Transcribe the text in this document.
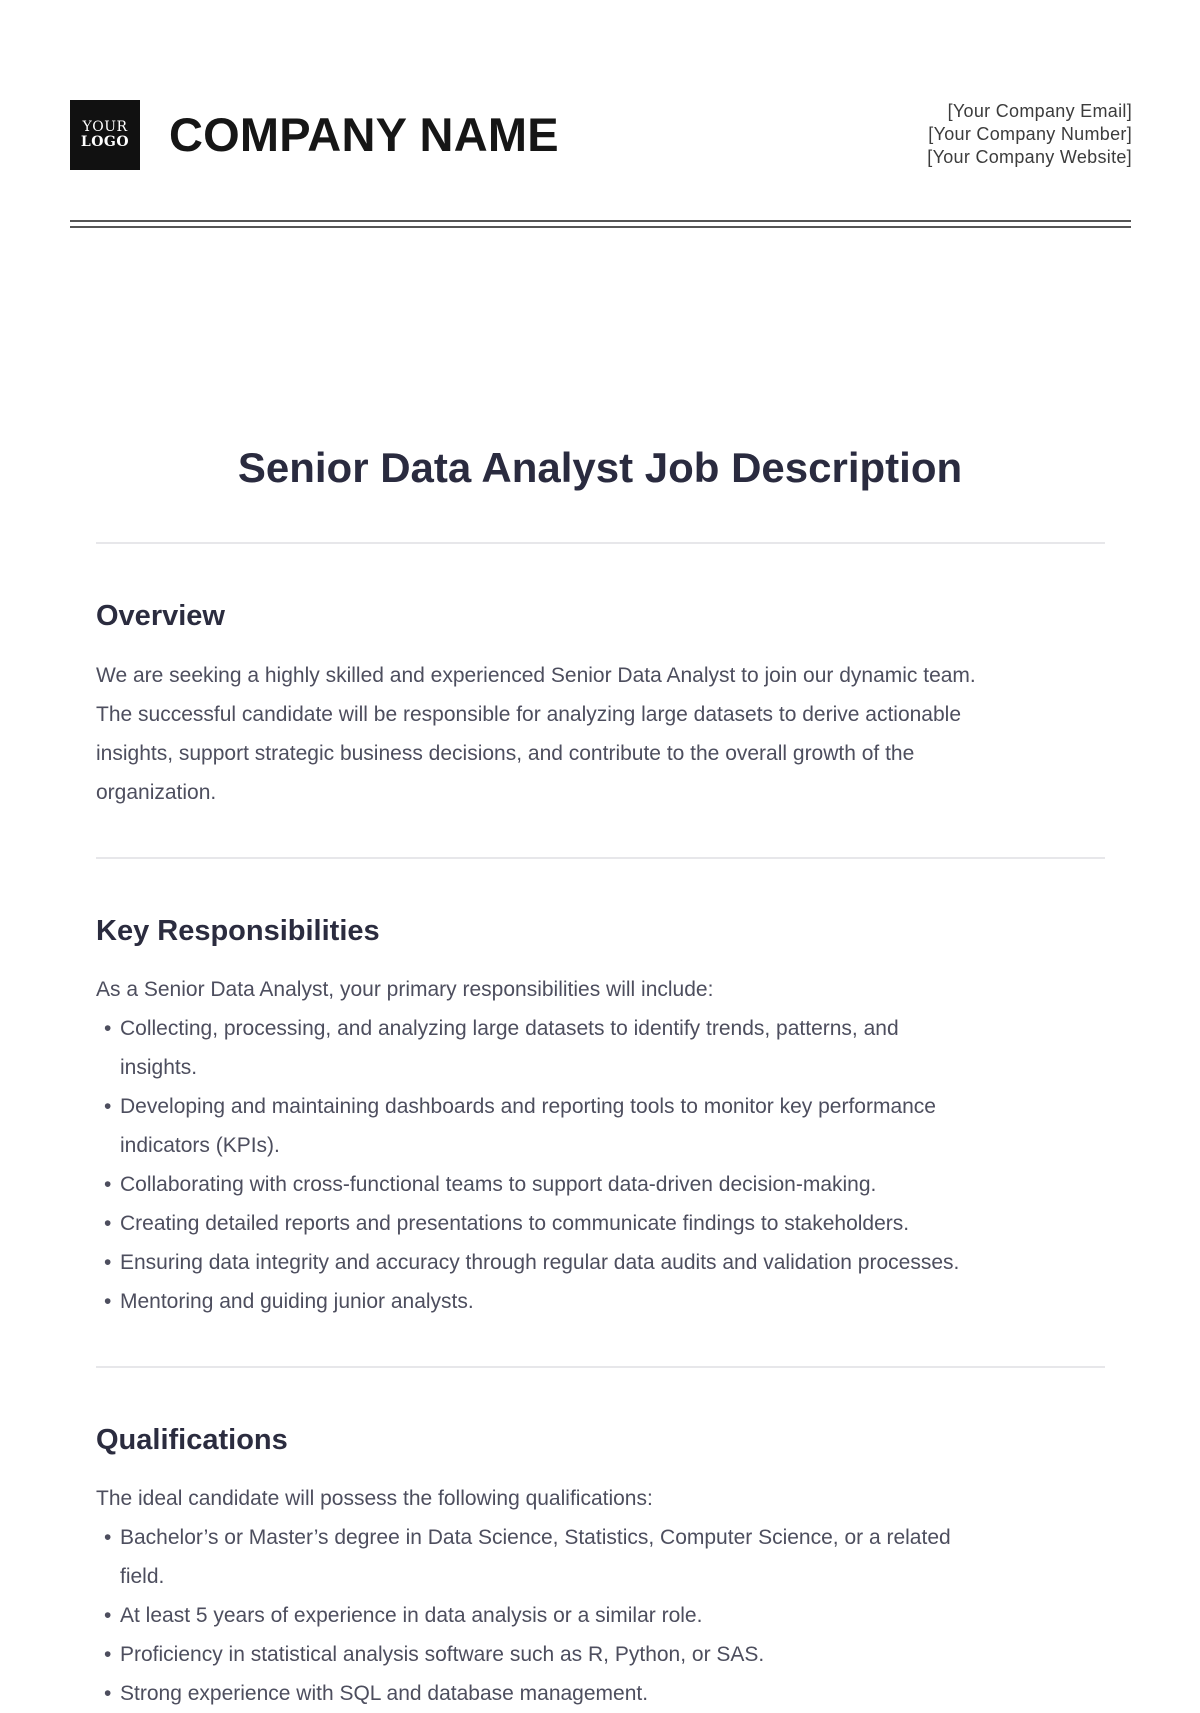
YOUR
LOGO COMPANY NAME	[Your Company Email]
[Your Company Number]
[Your Company Website]
Senior Data Analyst Job Description
Overview
We are seeking a highly skilled and experienced Senior Data Analyst to join our dynamic team.
The successful candidate will be responsible for analyzing large datasets to derive actionable
insights, support strategic business decisions, and contribute to the overall growth of the
organization.
Key Responsibilities

As a Senior Data Analyst, your primary responsibilities will include:

• Collecting, processing, and analyzing large datasets to identify trends, patterns, and
insights.
• Developing and maintaining dashboards and reporting tools to monitor key performance
indicators (KPIs).
• Collaborating with cross-functional teams to support data-driven decision-making.
• Creating detailed reports and presentations to communicate findings to stakeholders.
• Ensuring data integrity and accuracy through regular data audits and validation processes.
• Mentoring and guiding junior analysts.
Qualifications

The ideal candidate will possess the following qualifications:

• Bachelor’s or Master’s degree in Data Science, Statistics, Computer Science, or a related
field.
• At least 5 years of experience in data analysis or a similar role.
• Proficiency in statistical analysis software such as R, Python, or SAS.
• Strong experience with SQL and database management.
